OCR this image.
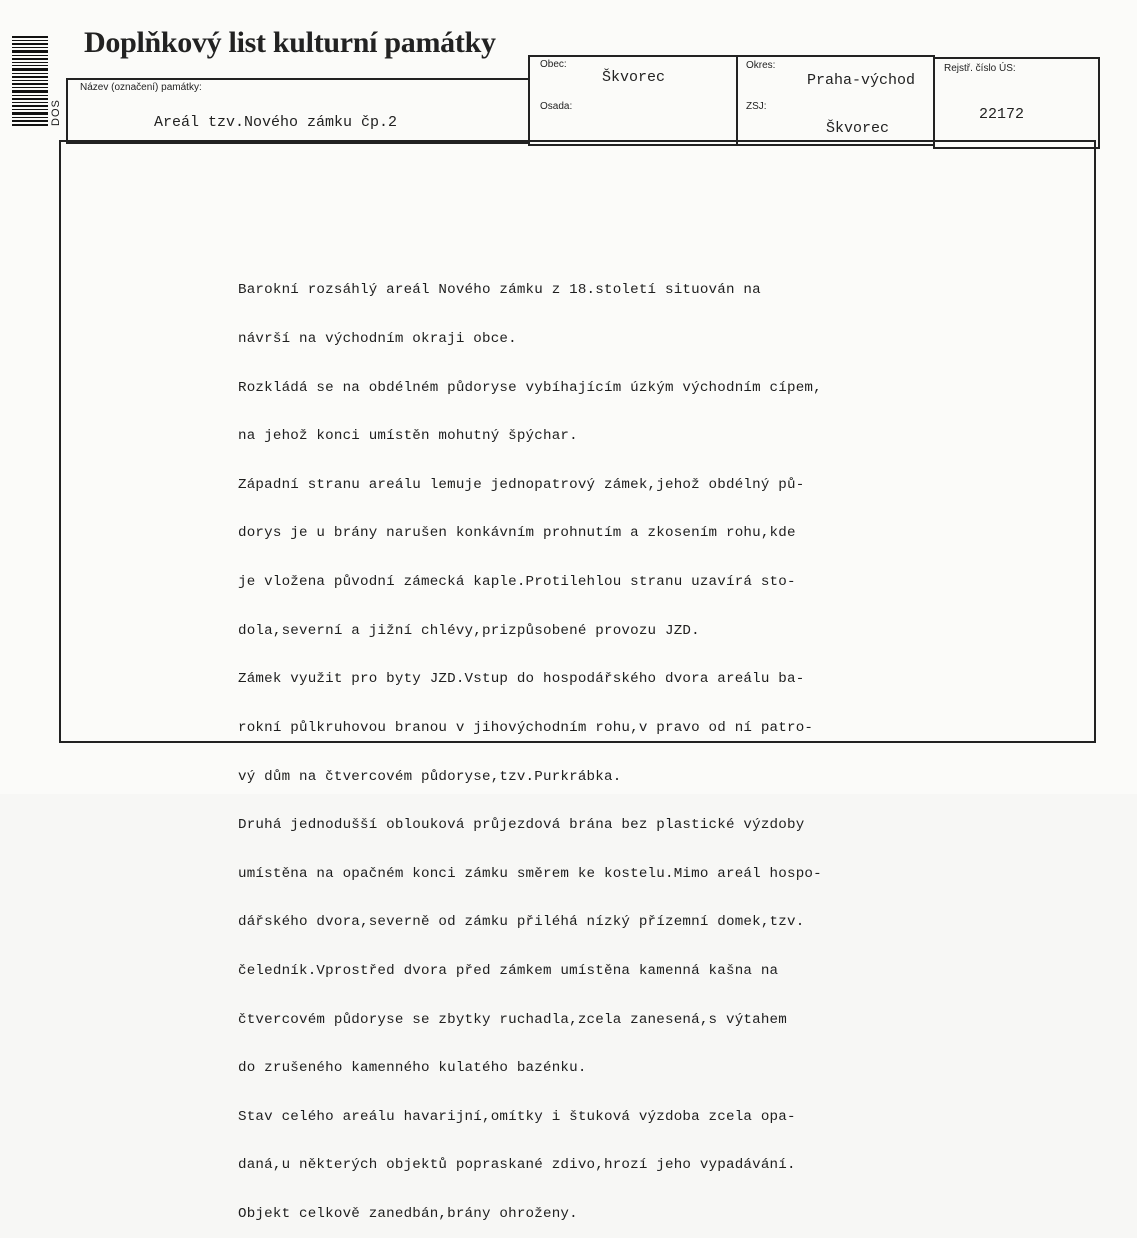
DOS
Doplňkový list kulturní památky
Název (označení) památky:
Areál tzv.Nového zámku čp.2
Obec:
Škvorec
Osada:
Okres:
Praha-východ
ZSJ:
Škvorec
Rejstř. číslo ÚS:
22172

Barokní rozsáhlý areál Nového zámku z 18.století situován na

návrší na východním okraji obce.

Rozkládá se na obdélném půdoryse vybíhajícím úzkým východním cípem,

na jehož konci umístěn mohutný špýchar.

Západní stranu areálu lemuje jednopatrový zámek,jehož obdélný pů-

dorys je u brány narušen konkávním prohnutím a zkosením rohu,kde

je vložena původní zámecká kaple.Protilehlou stranu uzavírá sto-

dola,severní a jižní chlévy,prizpůsobené provozu JZD.

Zámek využit pro byty JZD.Vstup do hospodářského dvora areálu ba-

rokní půlkruhovou branou v jihovýchodním rohu,v pravo od ní patro-

vý dům na čtvercovém půdoryse,tzv.Purkrábka.

Druhá jednodušší oblouková průjezdová brána bez plastické výzdoby

umístěna na opačném konci zámku směrem ke kostelu.Mimo areál hospo-

dářského dvora,severně od zámku přiléhá nízký přízemní domek,tzv.

čeledník.Vprostřed dvora před zámkem umístěna kamenná kašna na

čtvercovém půdoryse se zbytky ruchadla,zcela zanesená,s výtahem

do zrušeného kamenného kulatého bazénku.

Stav celého areálu havarijní,omítky i štuková výzdoba zcela opa-

daná,u některých objektů popraskané zdivo,hrozí jeho vypadávání.

Objekt celkově zanedbán,brány ohroženy.
